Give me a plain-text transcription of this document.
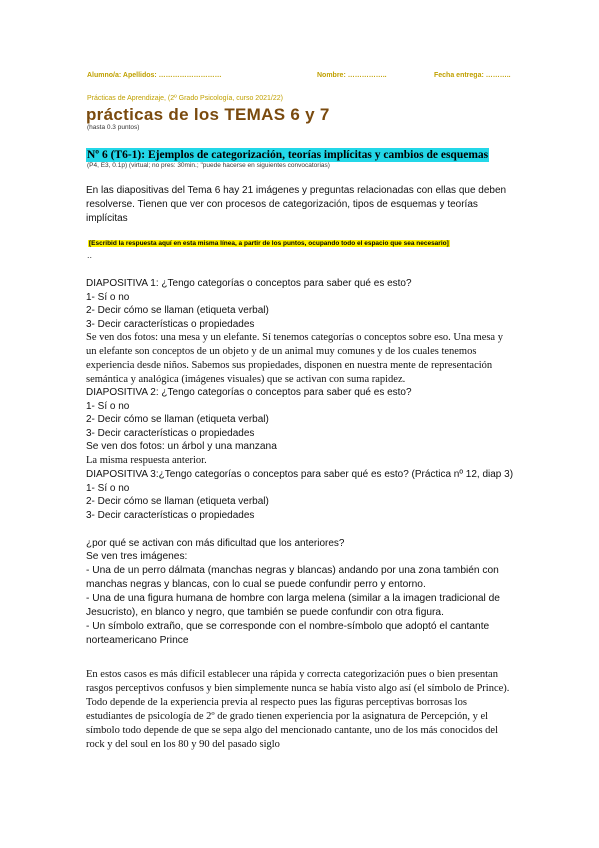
Alumno/a: Apellidos: ………………………	Nombre: ……………..	Fecha entrega: ………..
Prácticas de Aprendizaje, (2º Grado Psicología, curso 2021/22)
prácticas de los TEMAS 6 y 7
(hasta 0.3 puntos)
Nº 6 (T6-1): Ejemplos de categorización, teorías implícitas y cambios de esquemas
(P4, E3, 0.1p) (virtual; no pres: 30min.; "puede hacerse en siguientes convocatorias)
En las diapositivas del Tema 6 hay 21 imágenes y preguntas relacionadas con ellas que deben resolverse. Tienen que ver con procesos de categorización, tipos de esquemas y teorías implícitas
[Escribid la respuesta aquí en esta misma línea, a partir de los puntos, ocupando todo el espacio que sea necesario]
..
DIAPOSITIVA 1: ¿Tengo categorías o conceptos para saber qué es esto?
1- Sí o no
2- Decir cómo se llaman (etiqueta verbal)
3- Decir características o propiedades
Se ven dos fotos: una mesa y un elefante. Sí tenemos categorías o conceptos sobre eso. Una mesa y un elefante son conceptos de un objeto y de un animal muy comunes y de los cuales tenemos experiencia desde niños. Sabemos sus propiedades, disponen en nuestra mente de representación semántica y analógica (imágenes visuales) que se activan con suma rapidez.
DIAPOSITIVA 2: ¿Tengo categorías o conceptos para saber qué es esto?
1- Sí o no
2- Decir cómo se llaman (etiqueta verbal)
3- Decir características o propiedades
Se ven dos fotos: un árbol y una manzana
La misma respuesta anterior.
DIAPOSITIVA 3:¿Tengo categorías o conceptos para saber qué es esto? (Práctica nº 12, diap 3)
1- Sí o no
2- Decir cómo se llaman (etiqueta verbal)
3- Decir características o propiedades
¿por qué se activan con más dificultad que los anteriores?
Se ven tres imágenes:
- Una de un perro dálmata (manchas negras y blancas) andando por una zona también con manchas negras y blancas, con lo cual se puede confundir perro y entorno.
- Una de una figura humana de hombre con larga melena (similar a la imagen tradicional de Jesucristo), en blanco y negro, que también se puede confundir con otra figura.
- Un símbolo extraño, que se corresponde con el nombre-símbolo que adoptó el cantante norteamericano Prince
En estos casos es más difícil establecer una rápida y correcta categorización pues o bien presentan rasgos perceptivos confusos y bien simplemente nunca se había visto algo así (el símbolo de Prince). Todo depende de la experiencia previa al respecto pues las figuras perceptivas borrosas los estudiantes de psicología de 2º de grado tienen experiencia por la asignatura de Percepción, y el símbolo todo depende de que se sepa algo del mencionado cantante, uno de los más conocidos del rock y del soul en los 80 y 90 del pasado siglo
